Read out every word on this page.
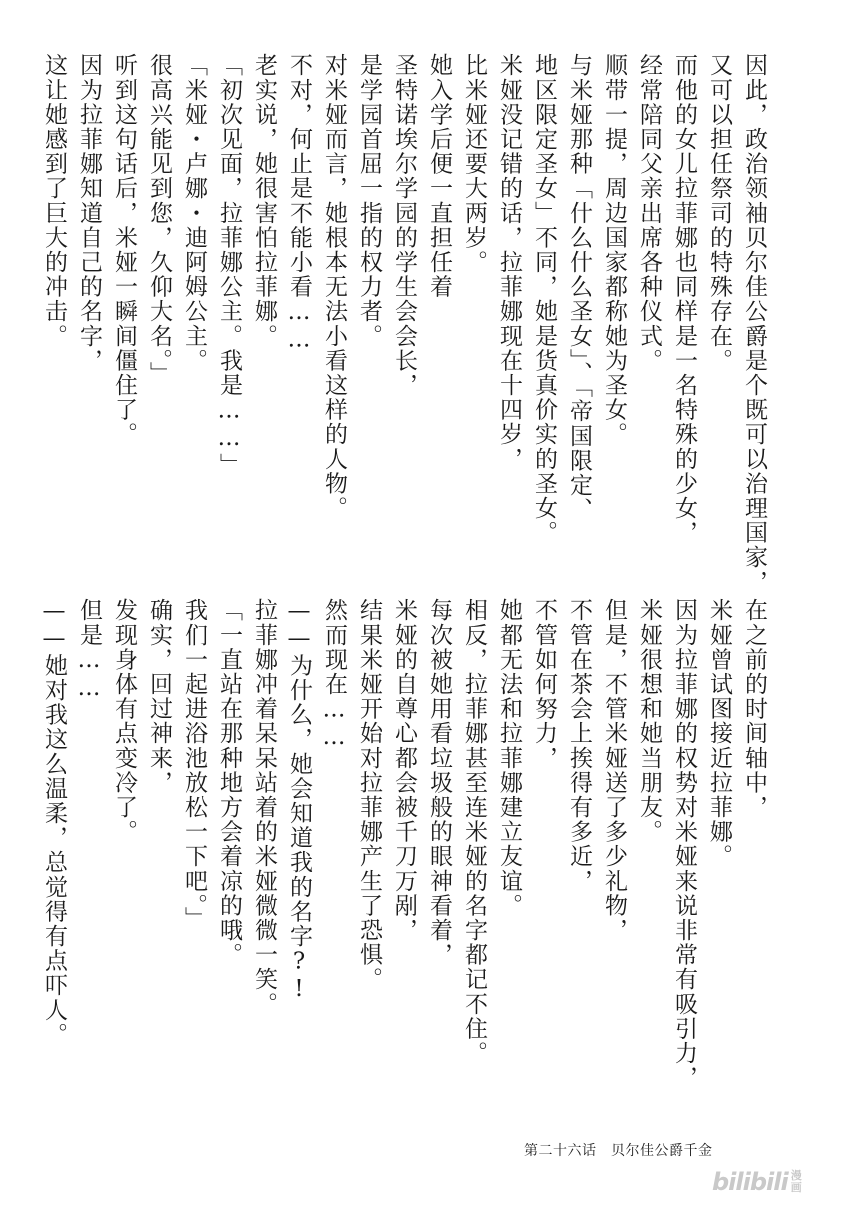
因此，政治领袖贝尔佳公爵是个既可以治理国家，
又可以担任祭司的特殊存在。
而他的女儿拉菲娜也同样是一名特殊的少女，
经常陪同父亲出席各种仪式。
顺带一提，周边国家都称她为圣女。
与米娅那种「什么什么圣女」、「帝国限定、
地区限定圣女」不同，她是货真价实的圣女。
米娅没记错的话，拉菲娜现在十四岁，
比米娅还要大两岁。
她入学后便一直担任着
圣特诺埃尔学园的学生会会长，
是学园首屈一指的权力者。
对米娅而言，她根本无法小看这样的人物。
不对，何止是不能小看……
老实说，她很害怕拉菲娜。
「初次见面，拉菲娜公主。我是……」
「米娅・卢娜・迪阿姆公主。
很高兴能见到您，久仰大名。」
听到这句话后，米娅一瞬间僵住了。
因为拉菲娜知道自己的名字，
这让她感到了巨大的冲击。
在之前的时间轴中，
米娅曾试图接近拉菲娜。
因为拉菲娜的权势对米娅来说非常有吸引力，
米娅很想和她当朋友。
但是，不管米娅送了多少礼物，
不管在茶会上挨得有多近，
不管如何努力，
她都无法和拉菲娜建立友谊。
相反，拉菲娜甚至连米娅的名字都记不住。
每次被她用看垃圾般的眼神看着，
米娅的自尊心都会被千刀万剐，
结果米娅开始对拉菲娜产生了恐惧。
然而现在……
——为什么，她会知道我的名字?!
拉菲娜冲着呆呆站着的米娅微微一笑。
「一直站在那种地方会着凉的哦。
我们一起进浴池放松一下吧。」
确实，回过神来，
发现身体有点变冷了。
但是……
——她对我这么温柔，总觉得有点吓人。
第二十六话　贝尔佳公爵千金
bilibili 漫画
